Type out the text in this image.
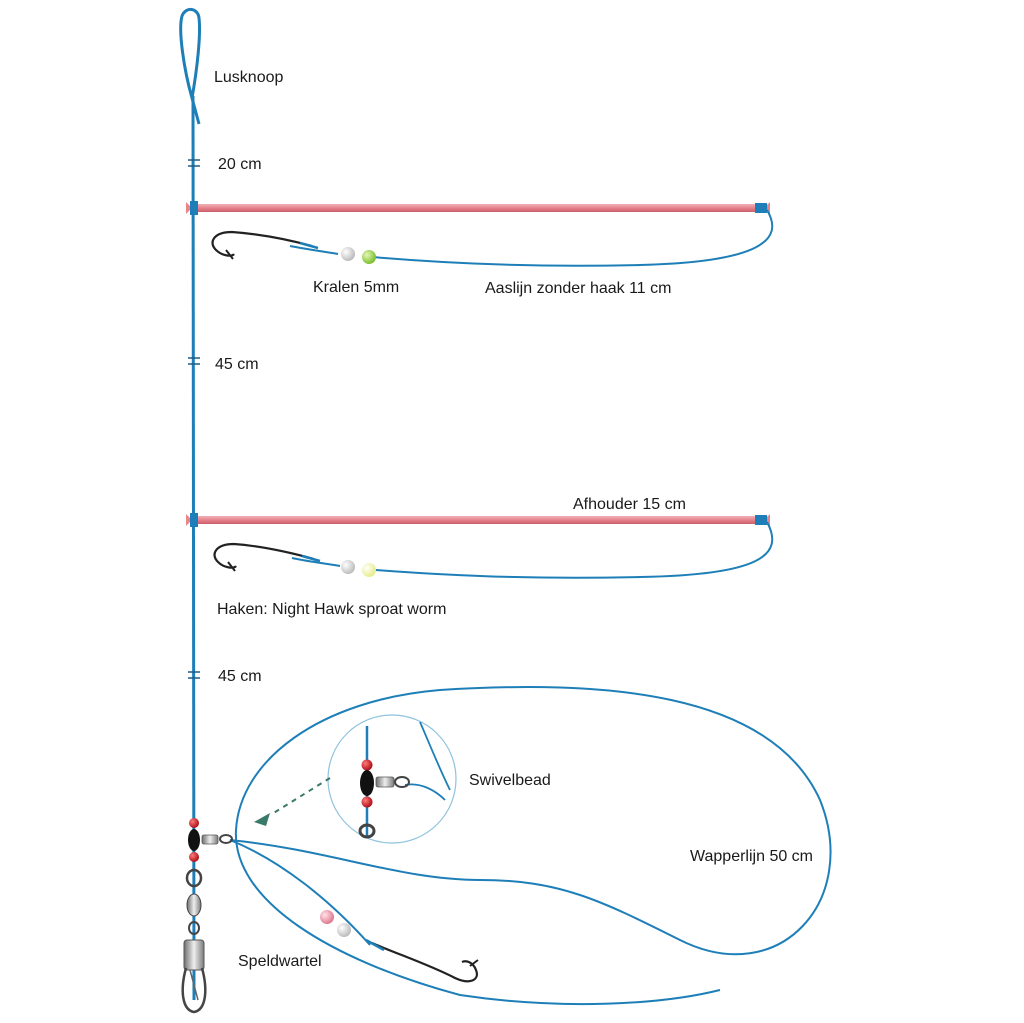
Lusknoop
20 cm
Kralen 5mm	Aaslijn zonder haak 11 cm
45 cm
Afhouder 15 cm
Haken: Night Hawk sproat worm
45 cm
Swivelbead
Wapperlijn 50 cm
Speldwartel
